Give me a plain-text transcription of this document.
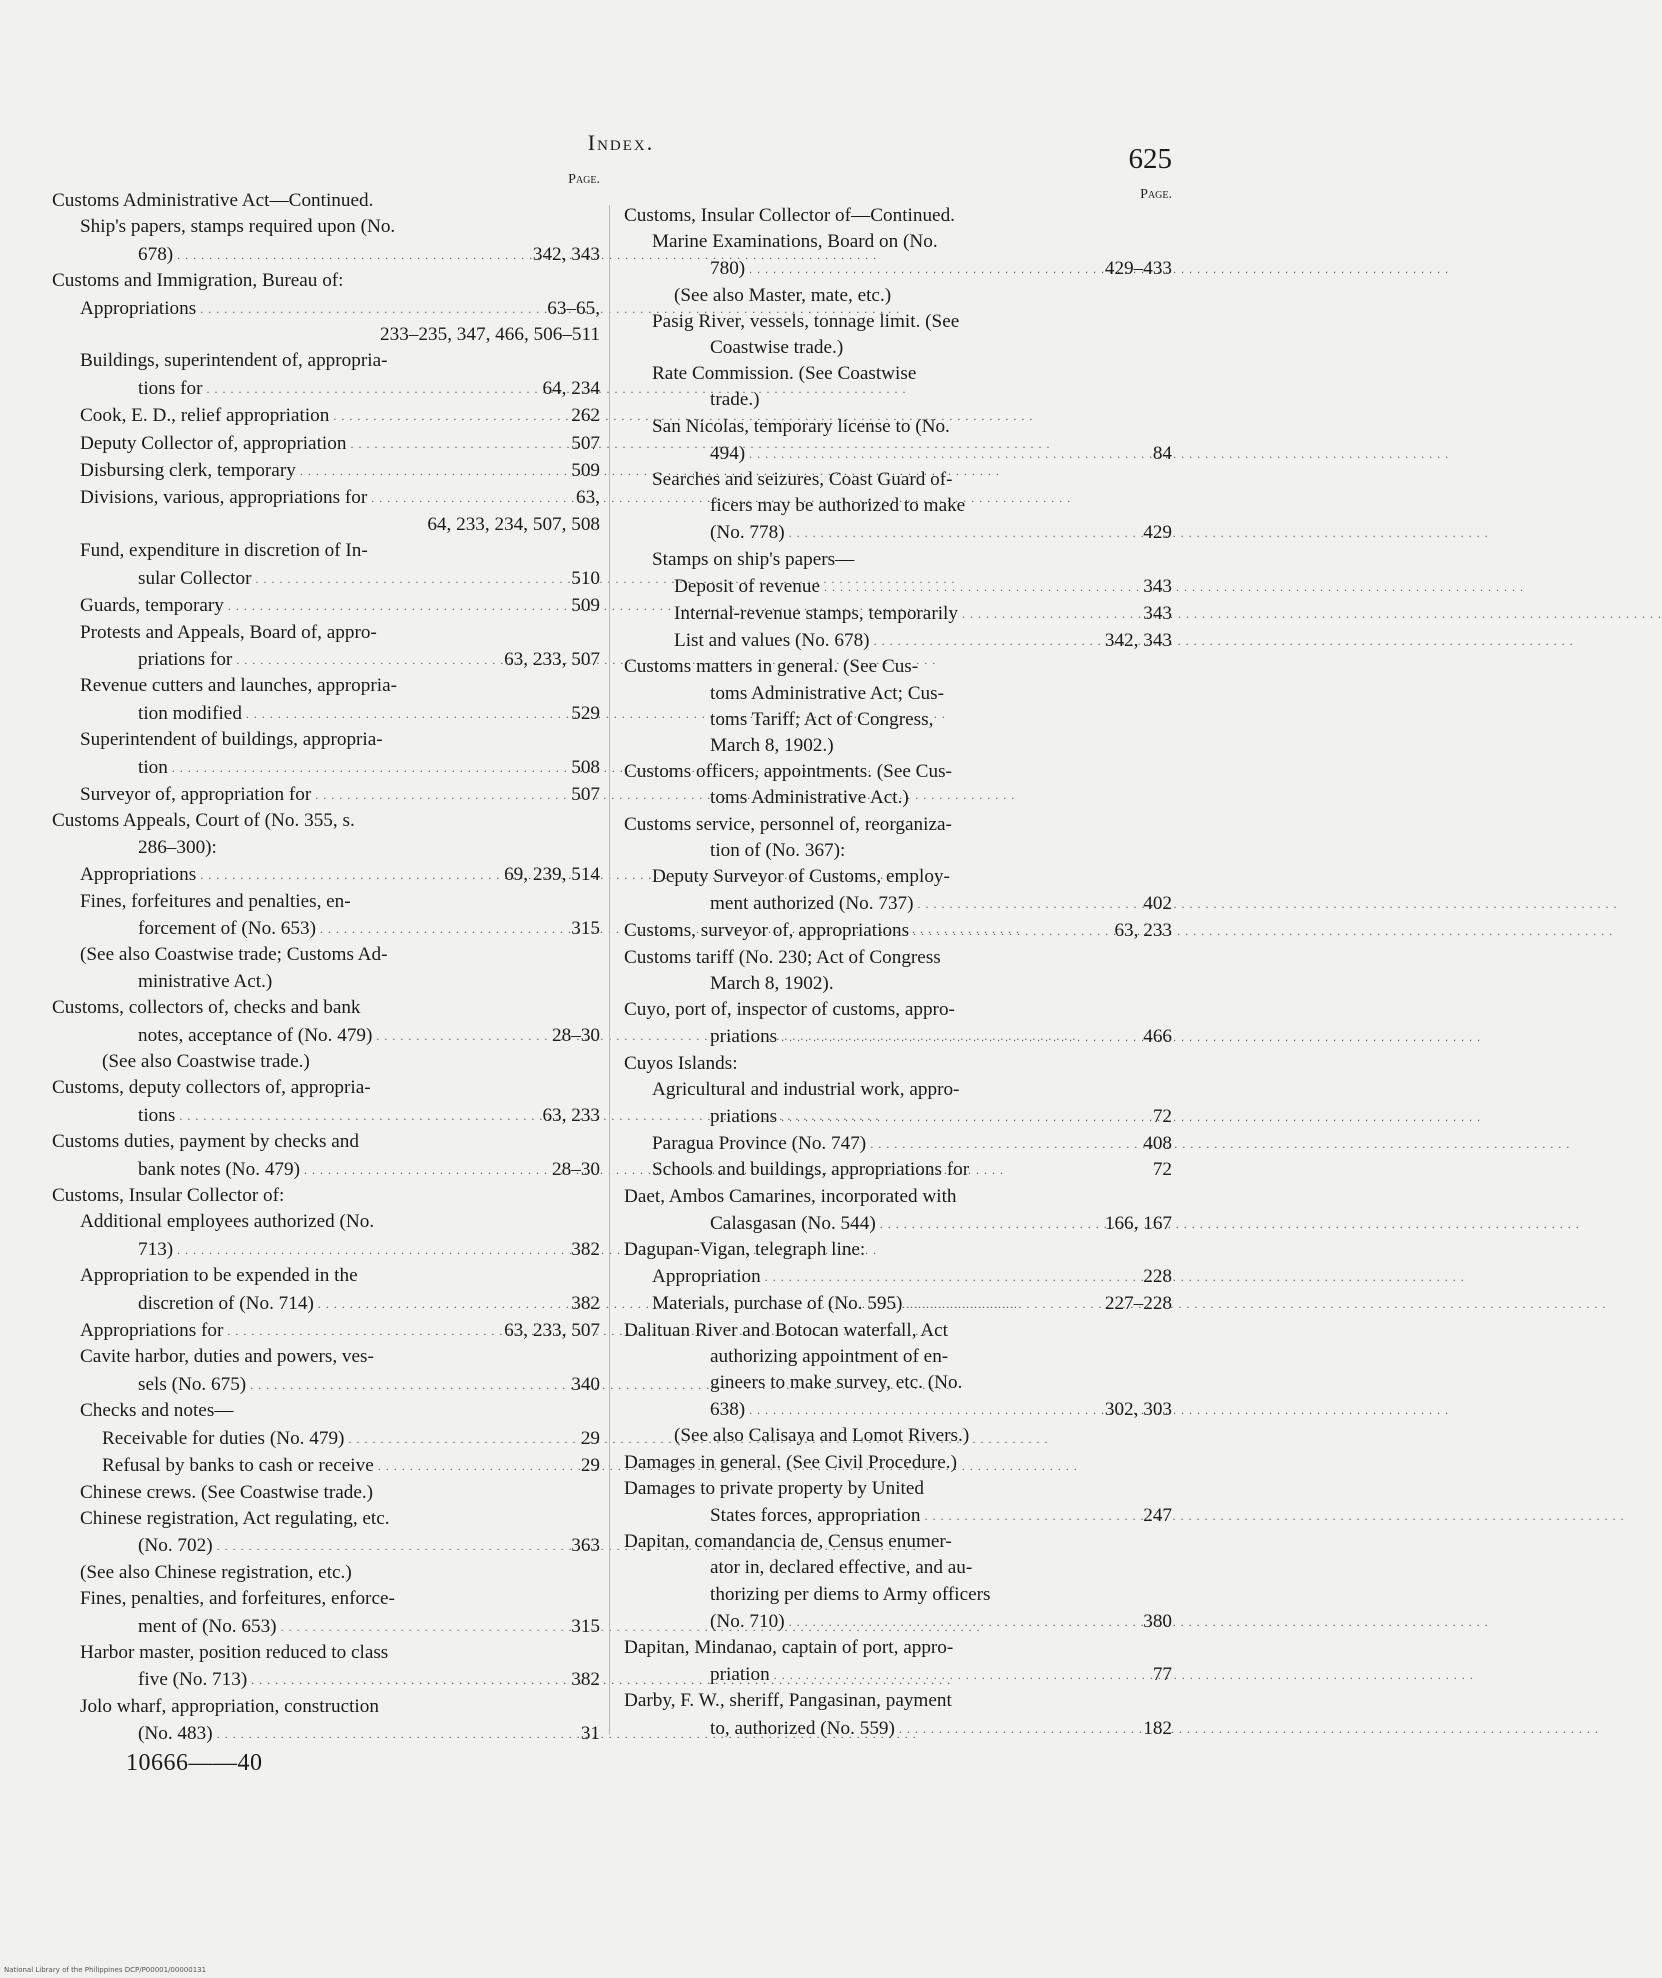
Index.
625
Page.
Customs Administrative Act—Continued.
Ship's papers, stamps required upon (No.
678) . . .	342, 343
Customs and Immigration, Bureau of:
Appropriations . . .	63–65,
233–235, 347, 466, 506–511
Buildings, superintendent of, appropria-
tions for . . .	64, 234
Cook, E. D., relief appropriation . . .	262
Deputy Collector of, appropriation . . .	507
Disbursing clerk, temporary . . .	509
Divisions, various, appropriations for . . .	63,
64, 233, 234, 507, 508
Fund, expenditure in discretion of In-
sular Collector . . .	510
Guards, temporary . . .	509
Protests and Appeals, Board of, appro-
priations for . . .	63, 233, 507
Revenue cutters and launches, appropria-
tion modified . . .	529
Superintendent of buildings, appropria-
tion . . .	508
Surveyor of, appropriation for . . .	507
Customs Appeals, Court of (No. 355, s.
286–300):
Appropriations . . .	69, 239, 514
Fines, forfeitures and penalties, en-
forcement of (No. 653) . . .	315
(See also Coastwise trade; Customs Ad-
ministrative Act.)
Customs, collectors of, checks and bank
notes, acceptance of (No. 479) . . .	28–30
(See also Coastwise trade.)
Customs, deputy collectors of, appropria-
tions . . .	63, 233
Customs duties, payment by checks and
bank notes (No. 479) . . .	28–30
Customs, Insular Collector of:
Additional employees authorized (No.
713) . . .	382
Appropriation to be expended in the
discretion of (No. 714) . . .	382
Appropriations for . . .	63, 233, 507
Cavite harbor, duties and powers, ves-
sels (No. 675) . . .	340
Checks and notes—
Receivable for duties (No. 479) . . .	29
Refusal by banks to cash or receive . . .	29
Chinese crews. (See Coastwise trade.)
Chinese registration, Act regulating, etc.
(No. 702) . . .	363
(See also Chinese registration, etc.)
Fines, penalties, and forfeitures, enforce-
ment of (No. 653) . . .	315
Harbor master, position reduced to class
five (No. 713) . . .	382
Jolo wharf, appropriation, construction
(No. 483) . . .	31
Page.
Customs, Insular Collector of—Continued.
Marine Examinations, Board on (No.
780) . . .	429–433
(See also Master, mate, etc.)
Pasig River, vessels, tonnage limit. (See
Coastwise trade.)
Rate Commission. (See Coastwise
trade.)
San Nicolas, temporary license to (No.
494) . . .	84
Searches and seizures, Coast Guard of-
ficers may be authorized to make
(No. 778) . . .	429
Stamps on ship's papers—
Deposit of revenue . . .	343
Internal-revenue stamps, temporarily . . .	343
List and values (No. 678) . . .	342, 343
Customs matters in general. (See Cus-
toms Administrative Act; Cus-
toms Tariff; Act of Congress,
March 8, 1902.)
Customs officers, appointments. (See Cus-
toms Administrative Act.)
Customs service, personnel of, reorganiza-
tion of (No. 367):
Deputy Surveyor of Customs, employ-
ment authorized (No. 737) . . .	402
Customs, surveyor of, appropriations . . .	63, 233
Customs tariff (No. 230; Act of Congress
March 8, 1902).
Cuyo, port of, inspector of customs, appro-
priations . . .	466
Cuyos Islands:
Agricultural and industrial work, appro-
priations . . .	72
Paragua Province (No. 747) . . .	408
Schools and buildings, appropriations for	72
Daet, Ambos Camarines, incorporated with
Calasgasan (No. 544) . . .	166, 167
Dagupan-Vigan, telegraph line:
Appropriation . . .	228
Materials, purchase of (No. 595) . . .	227–228
Dalituan River and Botocan waterfall, Act
authorizing appointment of en-
gineers to make survey, etc. (No.
638) . . .	302, 303
(See also Calisaya and Lomot Rivers.)
Damages in general. (See Civil Procedure.)
Damages to private property by United
States forces, appropriation . . .	247
Dapitan, comandancia de, Census enumer-
ator in, declared effective, and au-
thorizing per diems to Army officers
(No. 710) . . .	380
Dapitan, Mindanao, captain of port, appro-
priation . . .	77
Darby, F. W., sheriff, Pangasinan, payment
to, authorized (No. 559) . . .	182
10666——40
National Library of the Philippines DCP/P00001/00000131
